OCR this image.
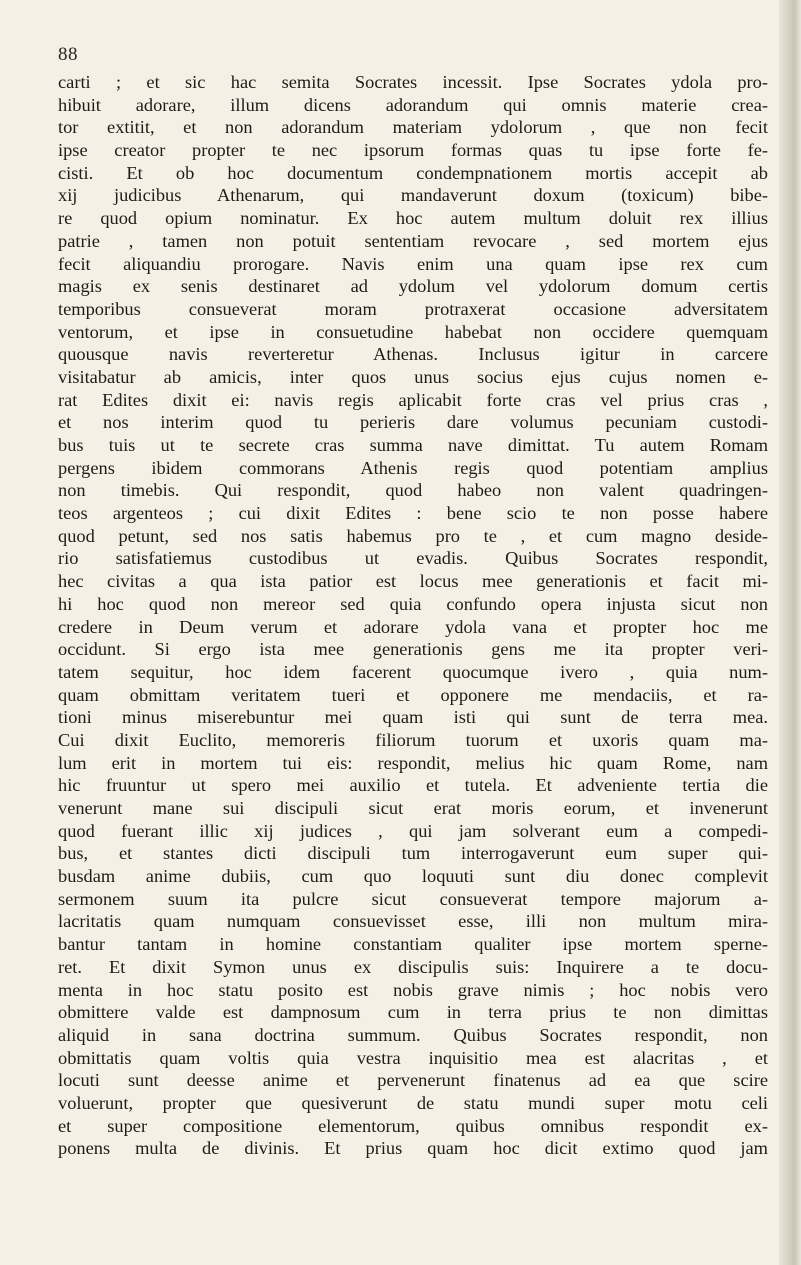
88
carti ; et sic hac semita Socrates incessit. Ipse Socrates ydola pro-
hibuit adorare, illum dicens adorandum qui omnis materie crea-
tor extitit, et non adorandum materiam ydolorum , que non fecit
ipse creator propter te nec ipsorum formas quas tu ipse forte fe-
cisti. Et ob hoc documentum condempnationem mortis accepit ab
xij judicibus Athenarum, qui mandaverunt doxum (toxicum) bibe-
re quod opium nominatur. Ex hoc autem multum doluit rex illius
patrie , tamen non potuit sententiam revocare , sed mortem ejus
fecit aliquandiu prorogare. Navis enim una quam ipse rex cum
magis ex senis destinaret ad ydolum vel ydolorum domum certis
temporibus consueverat moram protraxerat occasione adversitatem
ventorum, et ipse in consuetudine habebat non occidere quemquam
quousque navis reverteretur Athenas. Inclusus igitur in carcere
visitabatur ab amicis, inter quos unus socius ejus cujus nomen e-
rat Edites dixit ei: navis regis aplicabit forte cras vel prius cras ,
et nos interim quod tu perieris dare volumus pecuniam custodi-
bus tuis ut te secrete cras summa nave dimittat. Tu autem Romam
pergens ibidem commorans Athenis regis quod potentiam amplius
non timebis. Qui respondit, quod habeo non valent quadringen-
teos argenteos ; cui dixit Edites : bene scio te non posse habere
quod petunt, sed nos satis habemus pro te , et cum magno deside-
rio satisfatiemus custodibus ut evadis. Quibus Socrates respondit,
hec civitas a qua ista patior est locus mee generationis et facit mi-
hi hoc quod non mereor sed quia confundo opera injusta sicut non
credere in Deum verum et adorare ydola vana et propter hoc me
occidunt. Si ergo ista mee generationis gens me ita propter veri-
tatem sequitur, hoc idem facerent quocumque ivero , quia num-
quam obmittam veritatem tueri et opponere me mendaciis, et ra-
tioni minus miserebuntur mei quam isti qui sunt de terra mea.
Cui dixit Euclito, memoreris filiorum tuorum et uxoris quam ma-
lum erit in mortem tui eis: respondit, melius hic quam Rome, nam
hic fruuntur ut spero mei auxilio et tutela. Et adveniente tertia die
venerunt mane sui discipuli sicut erat moris eorum, et invenerunt
quod fuerant illic xij judices , qui jam solverant eum a compedi-
bus, et stantes dicti discipuli tum interrogaverunt eum super qui-
busdam anime dubiis, cum quo loquuti sunt diu donec complevit
sermonem suum ita pulcre sicut consueverat tempore majorum a-
lacritatis quam numquam consuevisset esse, illi non multum mira-
bantur tantam in homine constantiam qualiter ipse mortem sperne-
ret. Et dixit Symon unus ex discipulis suis: Inquirere a te docu-
menta in hoc statu posito est nobis grave nimis ; hoc nobis vero
obmittere valde est dampnosum cum in terra prius te non dimittas
aliquid in sana doctrina summum. Quibus Socrates respondit, non
obmittatis quam voltis quia vestra inquisitio mea est alacritas , et
locuti sunt deesse anime et pervenerunt finatenus ad ea que scire
voluerunt, propter que quesiverunt de statu mundi super motu celi
et super compositione elementorum, quibus omnibus respondit ex-
ponens multa de divinis. Et prius quam hoc dicit extimo quod jam
